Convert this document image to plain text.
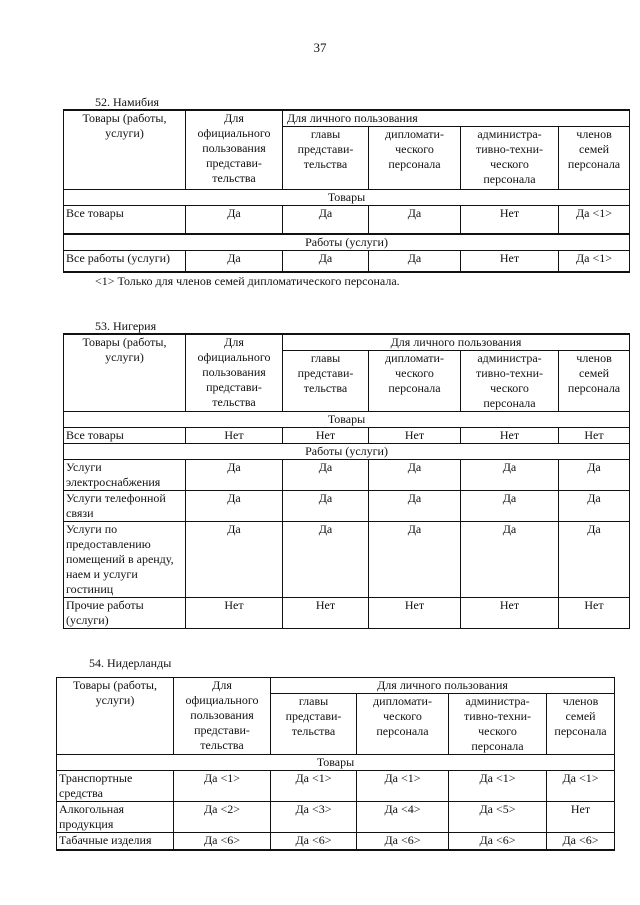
37
52. Намибия
Товары (работы, услуги)	Для официального пользования представи-тельства	Для личного пользования			
		главы представи-тельства	дипломати-ческого персонала	администра-тивно-техни-ческого персонала	членов семей персонала
Товары					
Все товары	Да	Да	Да	Нет	Да <1>
Работы (услуги)					
Все работы (услуги)	Да	Да	Да	Нет	Да <1>
<1> Только для членов семей дипломатического персонала.
53. Нигерия
Товары (работы, услуги)	Для официального пользования представи-тельства	Для личного пользования			
		главы представи-тельства	дипломати-ческого персонала	администра-тивно-техни-ческого персонала	членов семей персонала
Товары					
Все товары	Нет	Нет	Нет	Нет	Нет
Работы (услуги)					
Услуги электроснабжения	Да	Да	Да	Да	Да
Услуги телефонной связи	Да	Да	Да	Да	Да
Услуги по предоставлению помещений в аренду, наем и услуги гостиниц	Да	Да	Да	Да	Да
Прочие работы (услуги)	Нет	Нет	Нет	Нет	Нет
54. Нидерланды
Товары (работы, услуги)	Для официального пользования представи-тельства	Для личного пользования			
		главы представи-тельства	дипломати-ческого персонала	администра-тивно-техни-ческого персонала	членов семей персонала
Товары					
Транспортные средства	Да <1>	Да <1>	Да <1>	Да <1>	Да <1>
Алкогольная продукция	Да <2>	Да <3>	Да <4>	Да <5>	Нет
Табачные изделия	Да <6>	Да <6>	Да <6>	Да <6>	Да <6>
